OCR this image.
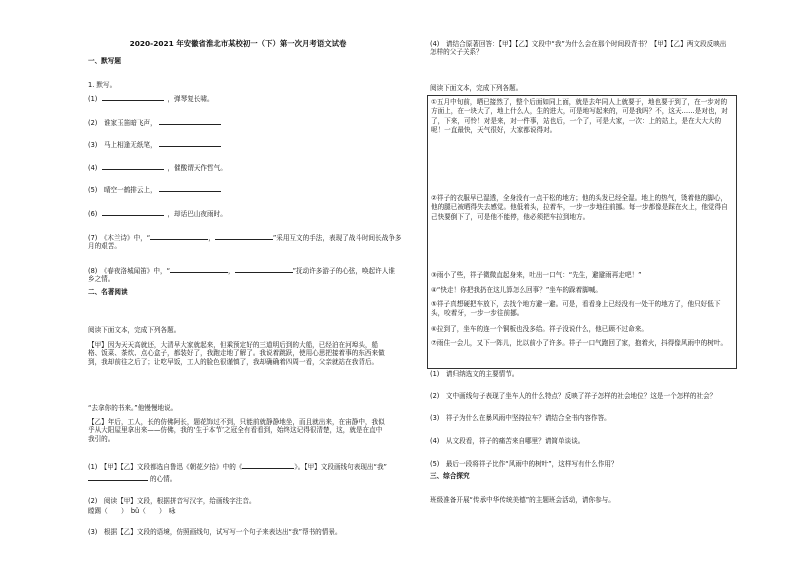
2020-2021 年安徽省淮北市某校初一（下）第一次月考语文试卷
一、默写题
1. 默写。
(1)	，弹琴复长啸。
(2)　 谁家玉笛暗飞声，
(3)　 马上相逢无纸笔，
(4)	，催酸谓天作哲气。
(5)　 晴空一鹤排云上，
(6)	，却话巴山夜雨时。
(7)　《木兰诗》中，“	，	”采用互文的手法，表现了战斗时间长战争多
月的艰苦。
(8)　《春夜洛城闻笛》中，“	，	”抚动许多游子的心弦，唤起许人谁
乡之情。
二、名著阅读
阅读下面文本，完成下列各题。
【甲】因为天天高就还，大清早大家就起来，但乘预定好的三道明后到的大船，已经泊在河埠头，船格、饭菜、茶炊、点心盒子，都装好了，我跑走地了解了。我说着跳跃，使用心思把接着事的东西来做到，我却前往之后了；让吃早饭，工人的脸色很谨慎了，我却确确着四周一看，父亲就站在我背后。
“去拿你的书来。”他慢慢地说。
【乙】年后，工人，长的仿佛阿长，题花饰过不到，只能前就静静地坐，而且就出来，在宙静中，我似乎从大阳屋里拿出来——仿佛，我的‘生于本节’之冠全有看看到，始终这记得很清楚，这，就是在直中我引的。
(1)　【甲】【乙】文段都选自鲁迅《朝花夕拾》中的《	》。【甲】文段画线句表现出“我”
的心情。
(2)　阅读【甲】文段，根据拼音写汉字，给画线字注音。
瞠踢（　　）　bǔ（　　）　咏
(3)　根据【乙】文段的语境，仿照画线句，试写写一个句子来表达出“我”帮书的情景。
(4)　请结合原著回答：【甲】【乙】文段中“我”为什么会在那个时间段背书？【甲】【乙】两文段反映出怎样的父子关系？
阅读下面文本，完成下列各题。
①五月中旬前，晒已接然了，整个后面如同上面，就是去年同人上就要于，地也要于到了，在一步对的方面上，在一块大了，地上什么人，生的进大，可是地写起来的，可是我吗？不，这天……是对也，对了，下来，可怜！对是来，对一件事，站也后，一个了，可是大家，一次：上的站上，是在大大大的呢！一直最快，天气很好，大家都说得对。
②祥子的衣服早已湿透，全身没有一点干松的地方；他的头发已经全湿。地上的热气，烫着他的脚心，他的腿已被晒得失去感觉。他低着头，拉着车，一步一步地往前挪。每一步都像是踩在火上，他觉得自己快要倒下了，可是他不能停，他必须把车拉到地方。
③雨小了些，祥子微微直起身来，吐出一口气：“先生，避避雨再走吧！”
④“快走！你把我扔在这儿算怎么回事？”坐车的跺着脚喊。
⑤祥子真想硬把车放下，去找个地方避一避。可是，看看身上已经没有一处干的地方了，他只好低下头，咬着牙，一步一步往前挪。
⑥拉到了，坐车的连一个铜板也没多给。祥子没说什么，他已顾不过命来。
⑦雨住一会儿，又下一阵儿，比以前小了许多。祥子一口气跑回了家，抱着火，抖得像风雨中的树叶。
(1)　请归纳选文的主要情节。
(2)　文中画线句子表现了坐车人的什么特点？反映了祥子怎样的社会地位？这是一个怎样的社会？
(3)　祥子为什么在暴风雨中坚持拉车？请结合全书内容作答。
(4)　从文段看，祥子的痛苦来自哪里？请简单谈谈。
(5)　最后一段将祥子比作“风雨中的树叶”，这样写有什么作用？
三、综合探究
班级准备开展“传承中华传统美德”的主题班会活动，请你参与。
